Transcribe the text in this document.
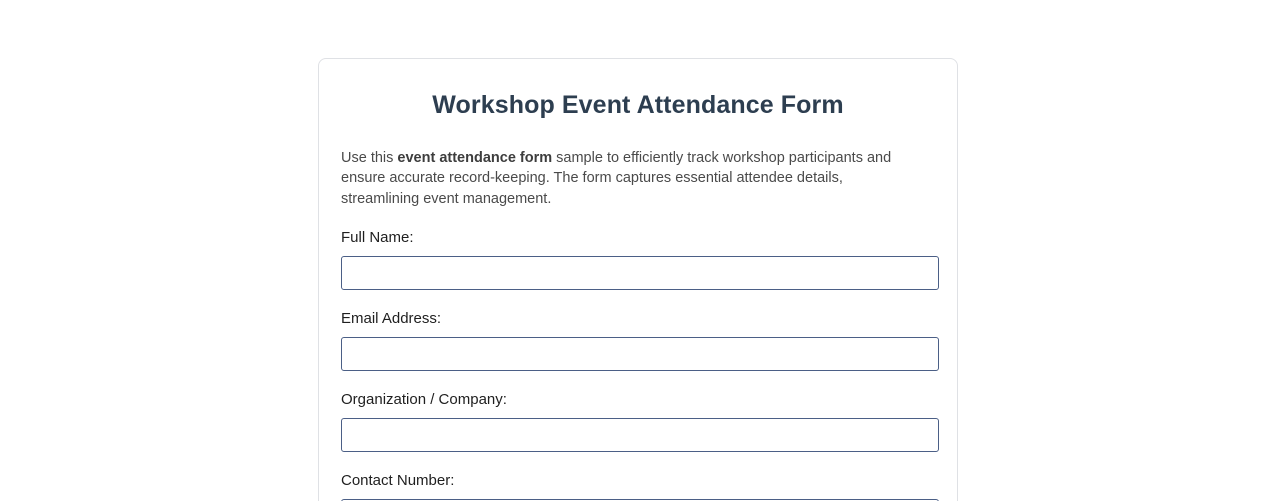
Workshop Event Attendance Form

Use this event attendance form sample to efficiently track workshop participants and ensure accurate record-keeping. The form captures essential attendee details, streamlining event management.

Full Name:
Email Address:
Organization / Company:
Contact Number:
